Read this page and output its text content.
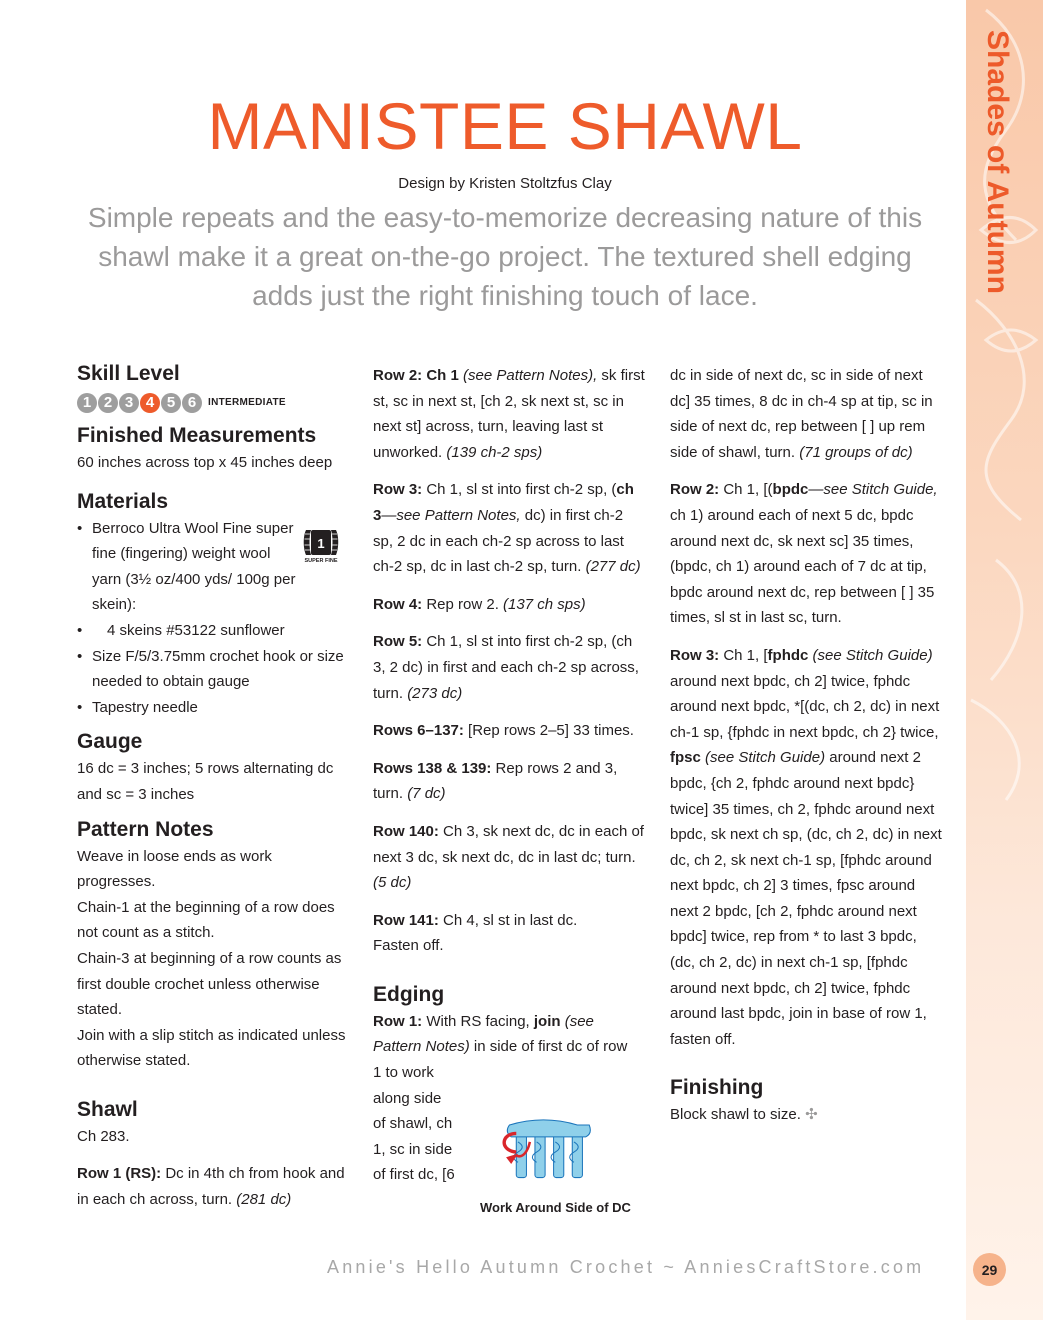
Shades of Autumn
MANISTEE SHAWL
Design by Kristen Stoltzfus Clay
Simple repeats and the easy-to-memorize decreasing nature of this shawl make it a great on-the-go project. The textured shell edging adds just the right finishing touch of lace.
Skill Level
1 2 3 4 5 6	INTERMEDIATE
Finished Measurements

60 inches across top x 45 inches deep

Materials
• Berroco Ultra Wool Fine super fine (fingering) weight wool yarn (3½ oz/400 yds/ 100g per skein):
• 4 skeins #53122 sunflower
• Size F/5/3.75mm crochet hook or size needed to obtain gauge
• Tapestry needle
Gauge

16 dc = 3 inches; 5 rows alternating dc and sc = 3 inches

Pattern Notes

Weave in loose ends as work progresses.

Chain-1 at the beginning of a row does not count as a stitch.

Chain-3 at beginning of a row counts as first double crochet unless otherwise stated.

Join with a slip stitch as indicated unless otherwise stated.

Shawl

Ch 283.

Row 1 (RS): Dc in 4th ch from hook and in each ch across, turn. (281 dc)

1
SUPER FINE

Row 2: Ch 1 (see Pattern Notes), sk first st, sc in next st, [ch 2, sk next st, sc in next st] across, turn, leaving last st unworked. (139 ch-2 sps)

Row 3: Ch 1, sl st into first ch-2 sp, (ch 3—see Pattern Notes, dc) in first ch-2 sp, 2 dc in each ch-2 sp across to last ch-2 sp, dc in last ch-2 sp, turn. (277 dc)

Row 4: Rep row 2. (137 ch sps)

Row 5: Ch 1, sl st into first ch-2 sp, (ch 3, 2 dc) in first and each ch-2 sp across, turn. (273 dc)

Rows 6–137: [Rep rows 2–5] 33 times.

Rows 138 & 139: Rep rows 2 and 3, turn. (7 dc)

Row 140: Ch 3, sk next dc, dc in each of next 3 dc, sk next dc, dc in last dc; turn. (5 dc)

Row 141: Ch 4, sl st in last dc. Fasten off.

Edging

Row 1: With RS facing, join (see Pattern Notes) in side of first dc of row

1 to work
along side
of shawl, ch
1, sc in side
of first dc, [6
Work Around Side of DC

dc in side of next dc, sc in side of next dc] 35 times, 8 dc in ch-4 sp at tip, sc in side of next dc, rep between [ ] up rem side of shawl, turn. (71 groups of dc)

Row 2: Ch 1, [(bpdc—see Stitch Guide, ch 1) around each of next 5 dc, bpdc around next dc, sk next sc] 35 times, (bpdc, ch 1) around each of 7 dc at tip, bpdc around next dc, rep between [ ] 35 times, sl st in last sc, turn.

Row 3: Ch 1, [fphdc (see Stitch Guide) around next bpdc, ch 2] twice, fphdc around next bpdc, *[(dc, ch 2, dc) in next ch-1 sp, {fphdc in next bpdc, ch 2} twice, fpsc (see Stitch Guide) around next 2 bpdc, {ch 2, fphdc around next bpdc} twice] 35 times, ch 2, fphdc around next bpdc, sk next ch sp, (dc, ch 2, dc) in next dc, ch 2, sk next ch-1 sp, [fphdc around next bpdc, ch 2] 3 times, fpsc around next 2 bpdc, [ch 2, fphdc around next bpdc] twice, rep from * to last 3 bpdc, (dc, ch 2, dc) in next ch-1 sp, [fphdc around next bpdc, ch 2] twice, fphdc around last bpdc, join in base of row 1, fasten off.

Finishing

Block shawl to size. ✣

Annie's Hello Autumn Crochet ~ AnniesCraftStore.com	29
